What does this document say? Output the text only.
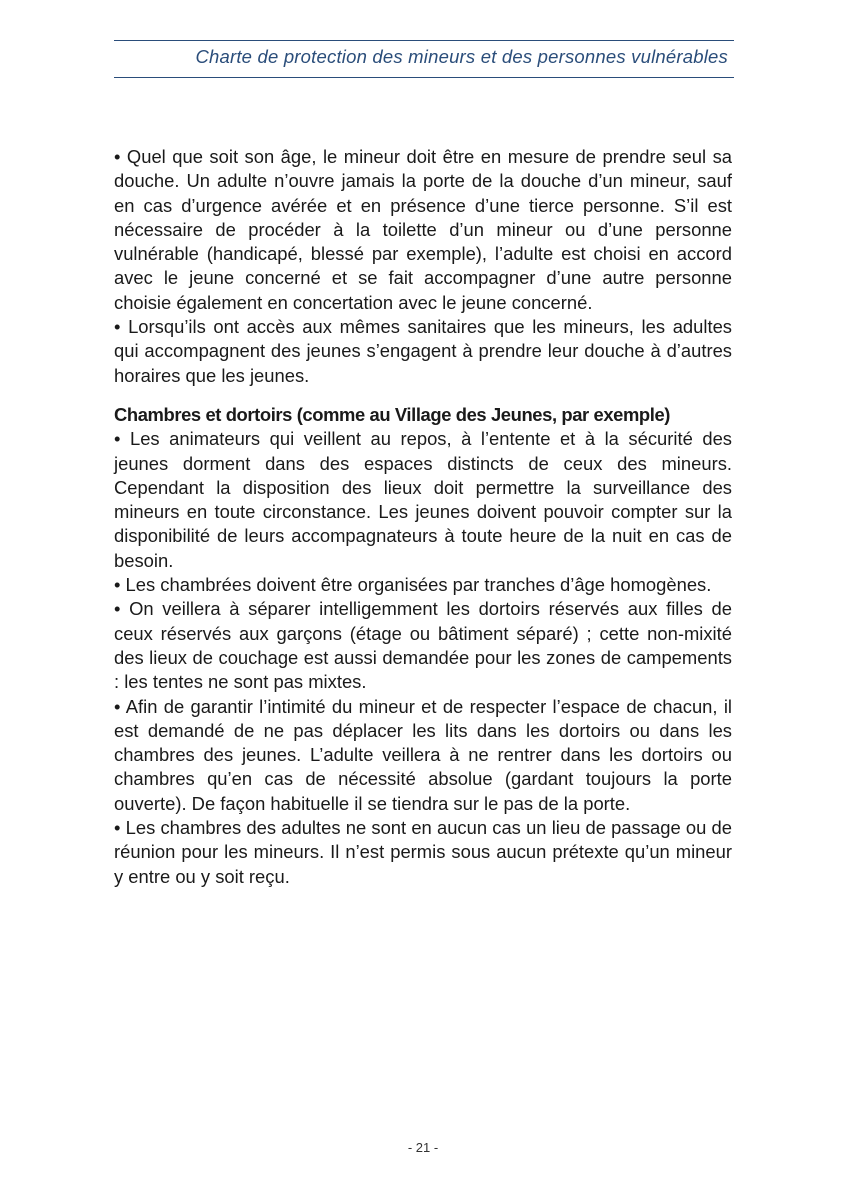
Charte de protection des mineurs et des personnes vulnérables

• Quel que soit son âge, le mineur doit être en mesure de prendre seul sa douche. Un adulte n’ouvre jamais la porte de la douche d’un mineur, sauf en cas d’urgence avérée et en présence d’une tierce personne. S’il est nécessaire de procéder à la toilette d’un mineur ou d’une personne vulnérable (handicapé, blessé par exemple), l’adulte est choisi en accord avec le jeune concerné et se fait accompagner d’une autre personne choisie également en concertation avec le jeune concerné.

• Lorsqu’ils ont accès aux mêmes sanitaires que les mineurs, les adultes qui accompagnent des jeunes s’engagent à prendre leur douche à d’autres horaires que les jeunes.

Chambres et dortoirs (comme au Village des Jeunes, par exemple)

• Les animateurs qui veillent au repos, à l’entente et à la sécurité des jeunes dorment dans des espaces distincts de ceux des mineurs. Cependant la disposition des lieux doit permettre la surveillance des mineurs en toute circonstance. Les jeunes doivent pouvoir compter sur la disponibilité de leurs accompagnateurs à toute heure de la nuit en cas de besoin.

• Les chambrées doivent être organisées par tranches d’âge homogènes.

• On veillera à séparer intelligemment les dortoirs réservés aux filles de ceux réservés aux garçons (étage ou bâtiment séparé) ; cette non-mixité des lieux de couchage est aussi demandée pour les zones de campements : les tentes ne sont pas mixtes.

• Afin de garantir l’intimité du mineur et de respecter l’espace de chacun, il est demandé de ne pas déplacer les lits dans les dortoirs ou dans les chambres des jeunes. L’adulte veillera à ne rentrer dans les dortoirs ou chambres qu’en cas de nécessité absolue (gardant toujours la porte ouverte). De façon habituelle il se tiendra sur le pas de la porte.

• Les chambres des adultes ne sont en aucun cas un lieu de passage ou de réunion pour les mineurs. Il n’est permis sous aucun prétexte qu’un mineur y entre ou y soit reçu.

- 21 -
